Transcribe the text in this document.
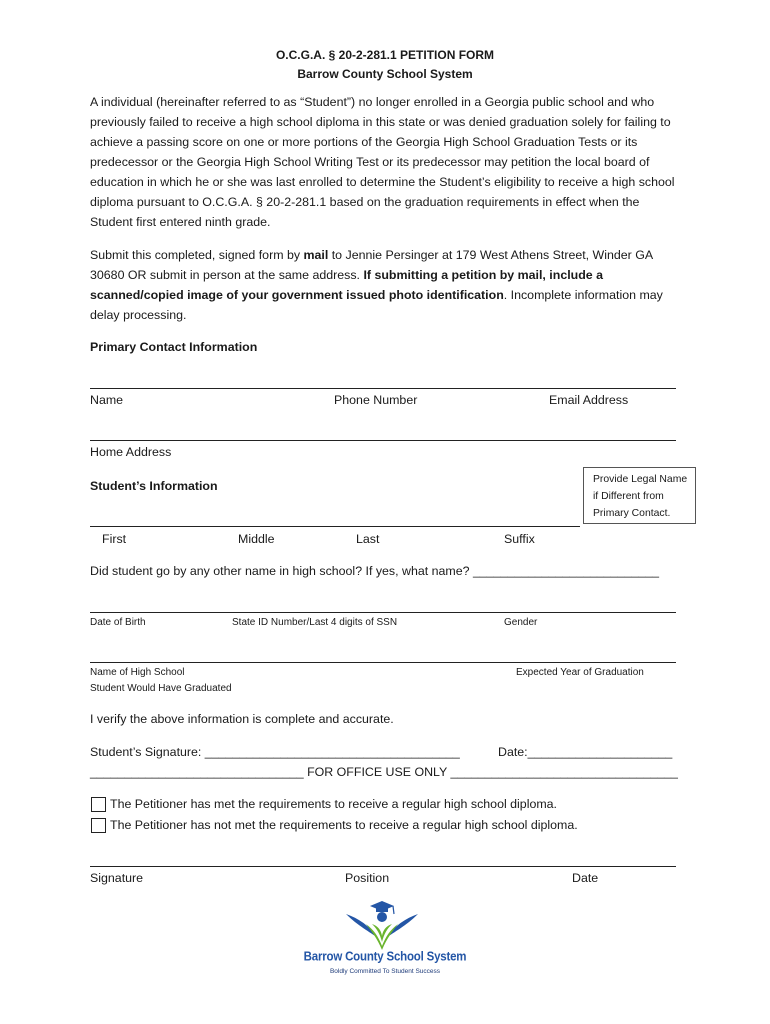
O.C.G.A. § 20-2-281.1 PETITION FORM
Barrow County School System
A individual (hereinafter referred to as “Student”) no longer enrolled in a Georgia public school and who previously failed to receive a high school diploma in this state or was denied graduation solely for failing to achieve a passing score on one or more portions of the Georgia High School Graduation Tests or its predecessor or the Georgia High School Writing Test or its predecessor may petition the local board of education in which he or she was last enrolled to determine the Student’s eligibility to receive a high school diploma pursuant to O.C.G.A. § 20-2-281.1 based on the graduation requirements in effect when the Student first entered ninth grade.
Submit this completed, signed form by mail to Jennie Persinger at 179 West Athens Street, Winder GA 30680 OR submit in person at the same address. If submitting a petition by mail, include a scanned/copied image of your government issued photo identification. Incomplete information may delay processing.
Primary Contact Information
Name	Phone Number	Email Address
Home Address
Student’s Information	Provide Legal Name if Different from Primary Contact.
First	Middle	Last	Suffix
Did student go by any other name in high school? If yes, what name? ___________________________
Date of Birth	State ID Number/Last 4 digits of SSN	Gender
Name of High School
Student Would Have Graduated
Expected Year of Graduation
I verify the above information is complete and accurate.
Student’s Signature: _____________________________________	Date:_____________________
_______________________________ FOR OFFICE USE ONLY _________________________________
The Petitioner has met the requirements to receive a regular high school diploma.
The Petitioner has not met the requirements to receive a regular high school diploma.
Signature	Position	Date
Barrow County School System
Boldly Committed To Student Success
